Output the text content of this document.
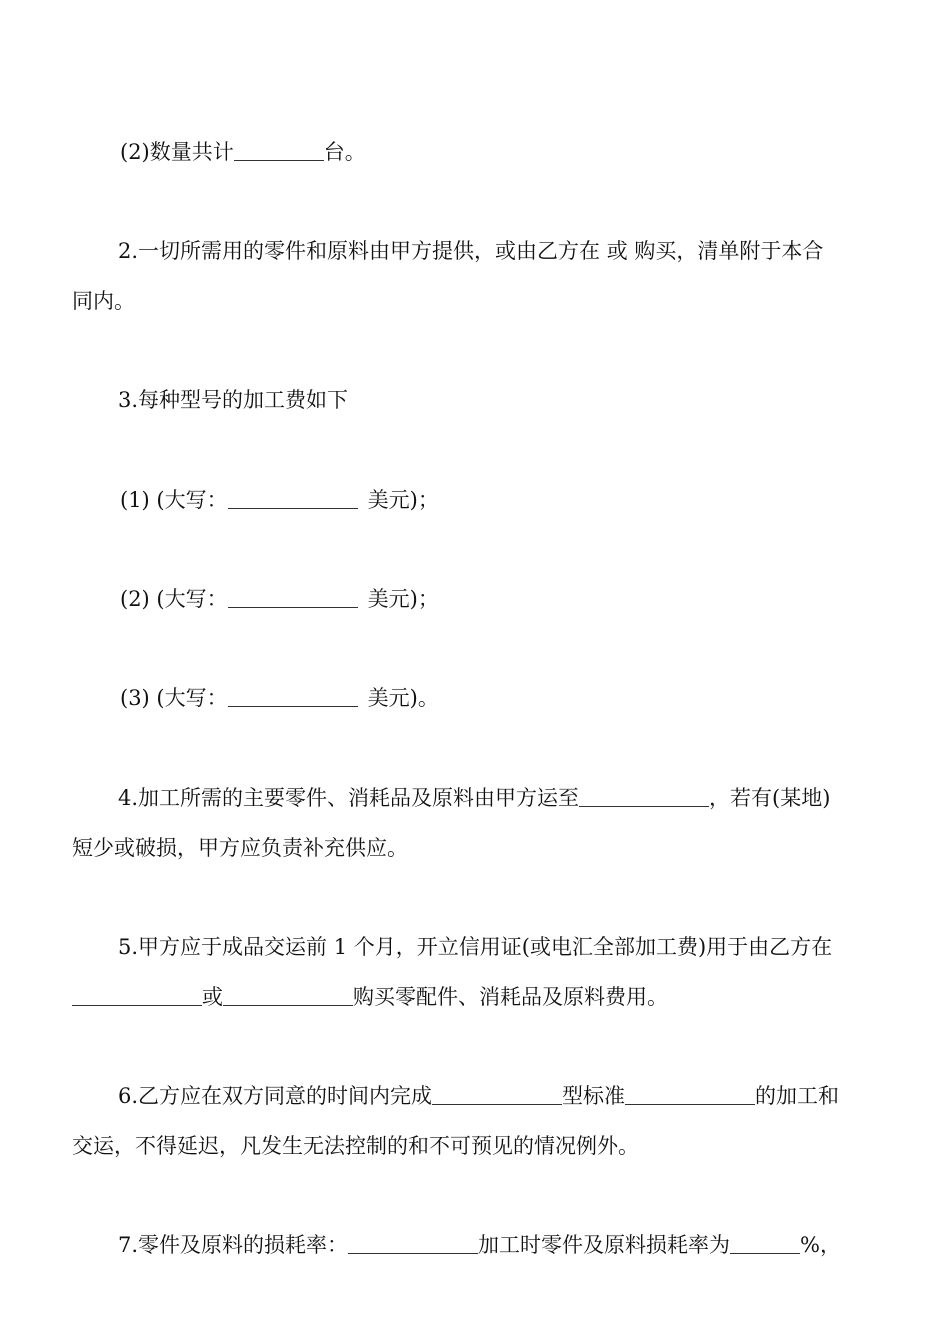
(2)数量共计	台。
2.一切所需用的零件和原料由甲方提供，或由乙方在 或 购买，清单附于本合
同内。
3.每种型号的加工费如下
(1) (大写：	美元)；
(2) (大写：	美元)；
(3) (大写：	美元)。
4.加工所需的主要零件、消耗品及原料由甲方运至	，若有(某地)
短少或破损，甲方应负责补充供应。
5.甲方应于成品交运前 1 个月，开立信用证(或电汇全部加工费)用于由乙方在
或	购买零配件、消耗品及原料费用。
6.乙方应在双方同意的时间内完成	型标准	的加工和
交运，不得延迟，凡发生无法控制的和不可预见的情况例外。
7.零件及原料的损耗率：	加工时零件及原料损耗率为	%，
